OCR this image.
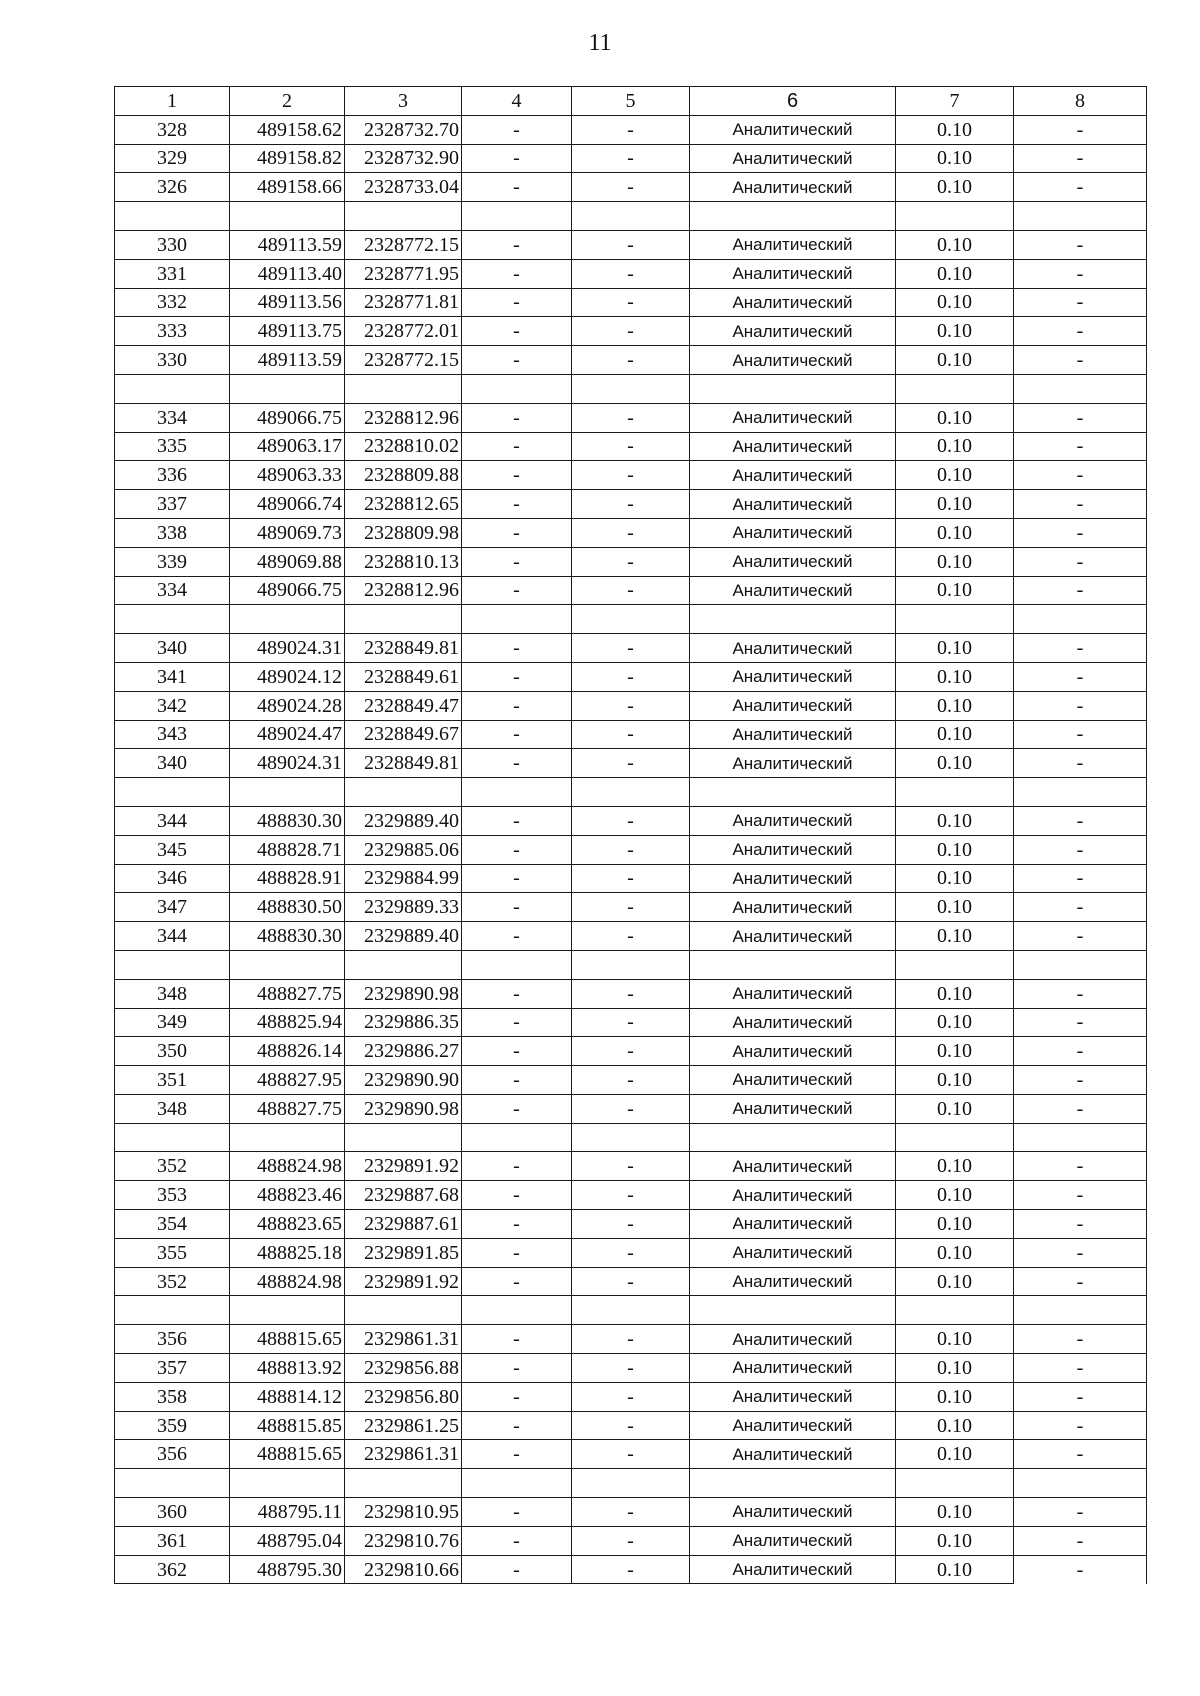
11
1	2	3	4	5	6	7	8
328	489158.62	2328732.70	-	-	Аналитический	0.10	-
329	489158.82	2328732.90	-	-	Аналитический	0.10	-
326	489158.66	2328733.04	-	-	Аналитический	0.10	-

330	489113.59	2328772.15	-	-	Аналитический	0.10	-
331	489113.40	2328771.95	-	-	Аналитический	0.10	-
332	489113.56	2328771.81	-	-	Аналитический	0.10	-
333	489113.75	2328772.01	-	-	Аналитический	0.10	-
330	489113.59	2328772.15	-	-	Аналитический	0.10	-

334	489066.75	2328812.96	-	-	Аналитический	0.10	-
335	489063.17	2328810.02	-	-	Аналитический	0.10	-
336	489063.33	2328809.88	-	-	Аналитический	0.10	-
337	489066.74	2328812.65	-	-	Аналитический	0.10	-
338	489069.73	2328809.98	-	-	Аналитический	0.10	-
339	489069.88	2328810.13	-	-	Аналитический	0.10	-
334	489066.75	2328812.96	-	-	Аналитический	0.10	-

340	489024.31	2328849.81	-	-	Аналитический	0.10	-
341	489024.12	2328849.61	-	-	Аналитический	0.10	-
342	489024.28	2328849.47	-	-	Аналитический	0.10	-
343	489024.47	2328849.67	-	-	Аналитический	0.10	-
340	489024.31	2328849.81	-	-	Аналитический	0.10	-

344	488830.30	2329889.40	-	-	Аналитический	0.10	-
345	488828.71	2329885.06	-	-	Аналитический	0.10	-
346	488828.91	2329884.99	-	-	Аналитический	0.10	-
347	488830.50	2329889.33	-	-	Аналитический	0.10	-
344	488830.30	2329889.40	-	-	Аналитический	0.10	-

348	488827.75	2329890.98	-	-	Аналитический	0.10	-
349	488825.94	2329886.35	-	-	Аналитический	0.10	-
350	488826.14	2329886.27	-	-	Аналитический	0.10	-
351	488827.95	2329890.90	-	-	Аналитический	0.10	-
348	488827.75	2329890.98	-	-	Аналитический	0.10	-

352	488824.98	2329891.92	-	-	Аналитический	0.10	-
353	488823.46	2329887.68	-	-	Аналитический	0.10	-
354	488823.65	2329887.61	-	-	Аналитический	0.10	-
355	488825.18	2329891.85	-	-	Аналитический	0.10	-
352	488824.98	2329891.92	-	-	Аналитический	0.10	-

356	488815.65	2329861.31	-	-	Аналитический	0.10	-
357	488813.92	2329856.88	-	-	Аналитический	0.10	-
358	488814.12	2329856.80	-	-	Аналитический	0.10	-
359	488815.85	2329861.25	-	-	Аналитический	0.10	-
356	488815.65	2329861.31	-	-	Аналитический	0.10	-

360	488795.11	2329810.95	-	-	Аналитический	0.10	-
361	488795.04	2329810.76	-	-	Аналитический	0.10	-
362	488795.30	2329810.66	-	-	Аналитический	0.10	-
